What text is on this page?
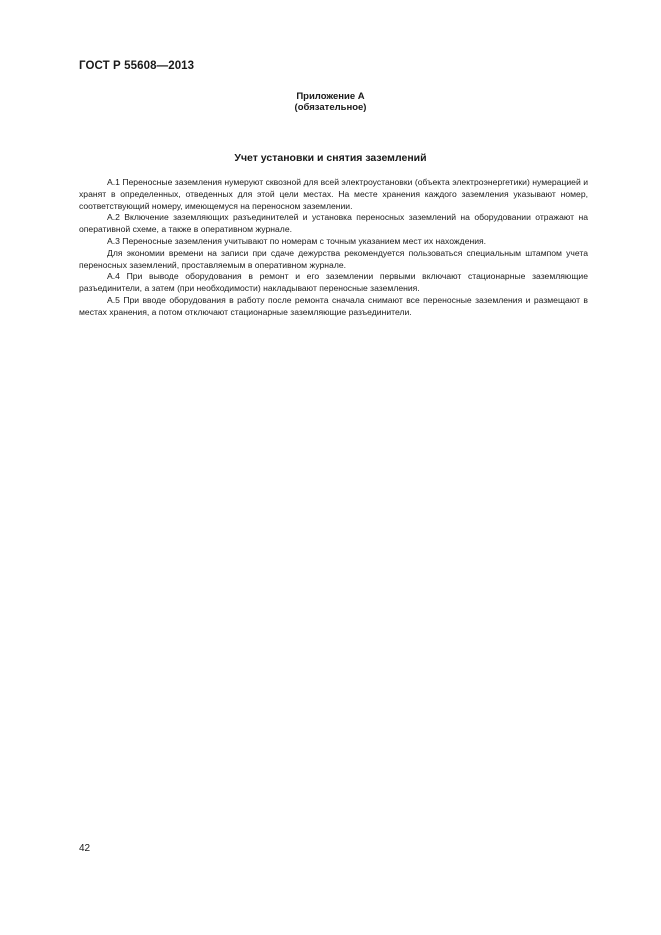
ГОСТ Р 55608—2013
Приложение А
(обязательное)
Учет установки и снятия заземлений

А.1 Переносные заземления нумеруют сквозной для всей электроустановки (объекта электроэнергетики) нумерацией и хранят в определенных, отведенных для этой цели местах. На месте хранения каждого заземления указывают номер, соответствующий номеру, имеющемуся на переносном заземлении.

А.2 Включение заземляющих разъединителей и установка переносных заземлений на оборудовании отражают на оперативной схеме, а также в оперативном журнале.

А.3 Переносные заземления учитывают по номерам с точным указанием мест их нахождения.

Для экономии времени на записи при сдаче дежурства рекомендуется пользоваться специальным штампом учета переносных заземлений, проставляемым в оперативном журнале.

А.4 При выводе оборудования в ремонт и его заземлении первыми включают стационарные заземляющие разъединители, а затем (при необходимости) накладывают переносные заземления.

А.5 При вводе оборудования в работу после ремонта сначала снимают все переносные заземления и размещают в местах хранения, а потом отключают стационарные заземляющие разъединители.

42
